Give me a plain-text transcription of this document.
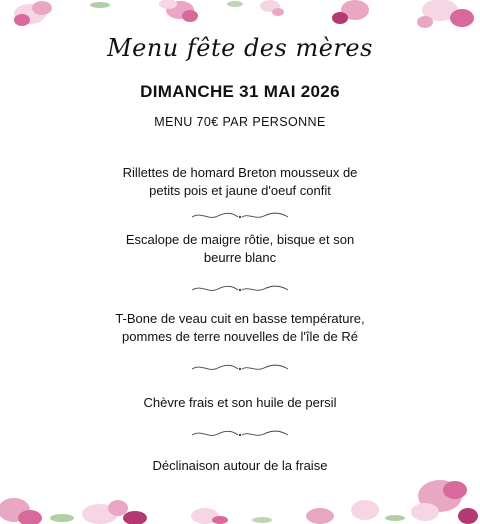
Menu fête des mères
DIMANCHE 31 MAI 2026
MENU 70€ PAR PERSONNE
Rillettes de homard Breton mousseux de
petits pois et jaune d'oeuf confit
Escalope de maigre rôtie, bisque et son
beurre blanc
T-Bone de veau cuit en basse température,
pommes de terre nouvelles de l'île de Ré
Chèvre frais et son huile de persil
Déclinaison autour de la fraise
